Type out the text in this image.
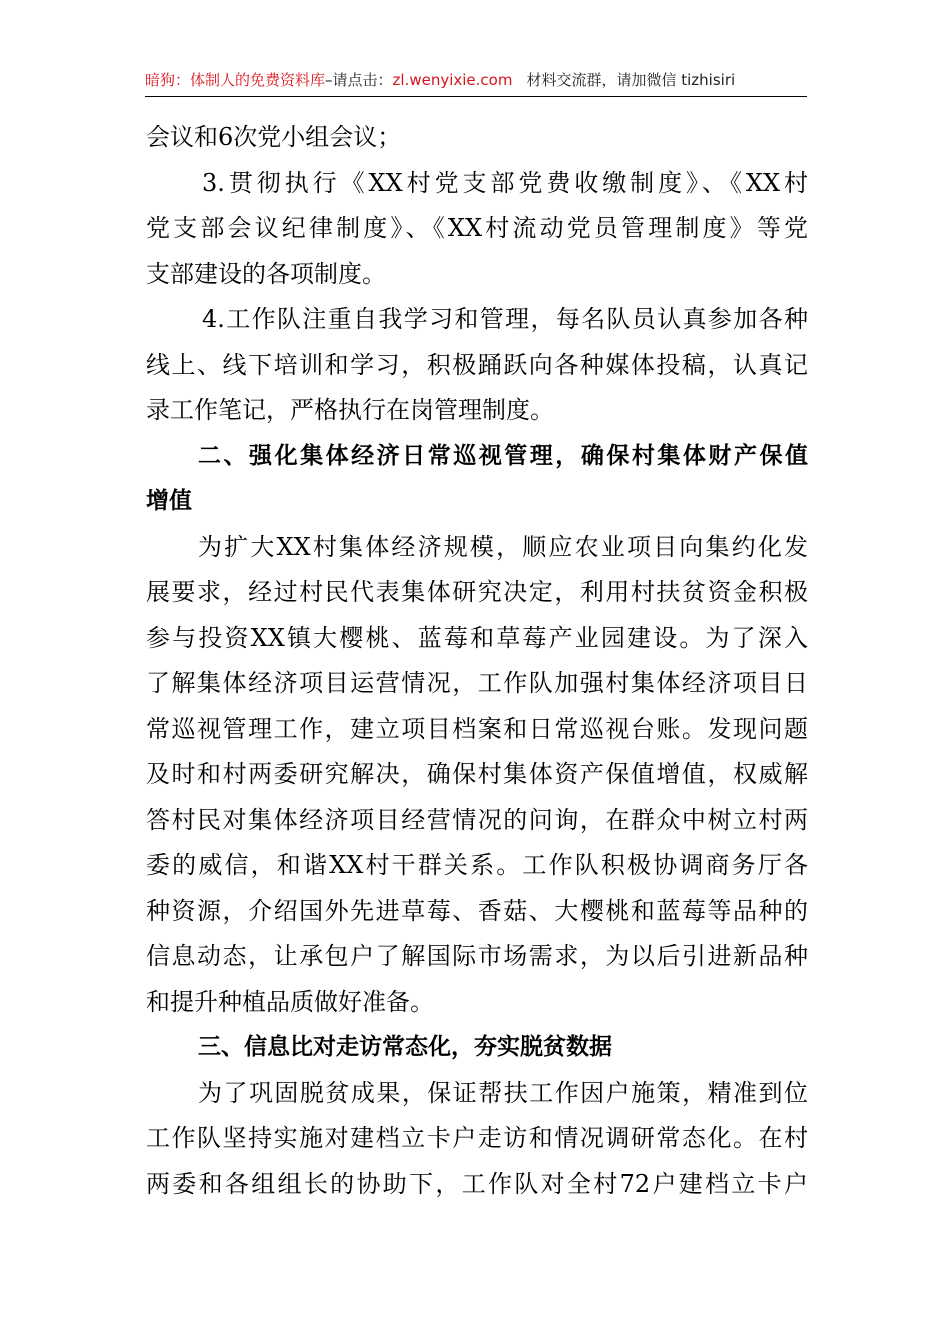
暗狗：体制人的免费资料库–请点击：zl.wenyixie.com 材料交流群，请加微信 tizhisiri
会议和6次党小组会议；
3.贯彻执行《XX村党支部党费收缴制度》、《XX村
党支部会议纪律制度》、《XX村流动党员管理制度》等党
支部建设的各项制度。
4.工作队注重自我学习和管理，每名队员认真参加各种
线上、线下培训和学习，积极踊跃向各种媒体投稿，认真记
录工作笔记，严格执行在岗管理制度。
二、强化集体经济日常巡视管理，确保村集体财产保值
增值
为扩大XX村集体经济规模，顺应农业项目向集约化发
展要求，经过村民代表集体研究决定，利用村扶贫资金积极
参与投资XX镇大樱桃、蓝莓和草莓产业园建设。为了深入
了解集体经济项目运营情况，工作队加强村集体经济项目日
常巡视管理工作，建立项目档案和日常巡视台账。发现问题
及时和村两委研究解决，确保村集体资产保值增值，权威解
答村民对集体经济项目经营情况的问询，在群众中树立村两
委的威信，和谐XX村干群关系。工作队积极协调商务厅各
种资源，介绍国外先进草莓、香菇、大樱桃和蓝莓等品种的
信息动态，让承包户了解国际市场需求，为以后引进新品种
和提升种植品质做好准备。
三、信息比对走访常态化，夯实脱贫数据
为了巩固脱贫成果，保证帮扶工作因户施策，精准到位
工作队坚持实施对建档立卡户走访和情况调研常态化。在村
两委和各组组长的协助下，工作队对全村72户建档立卡户
